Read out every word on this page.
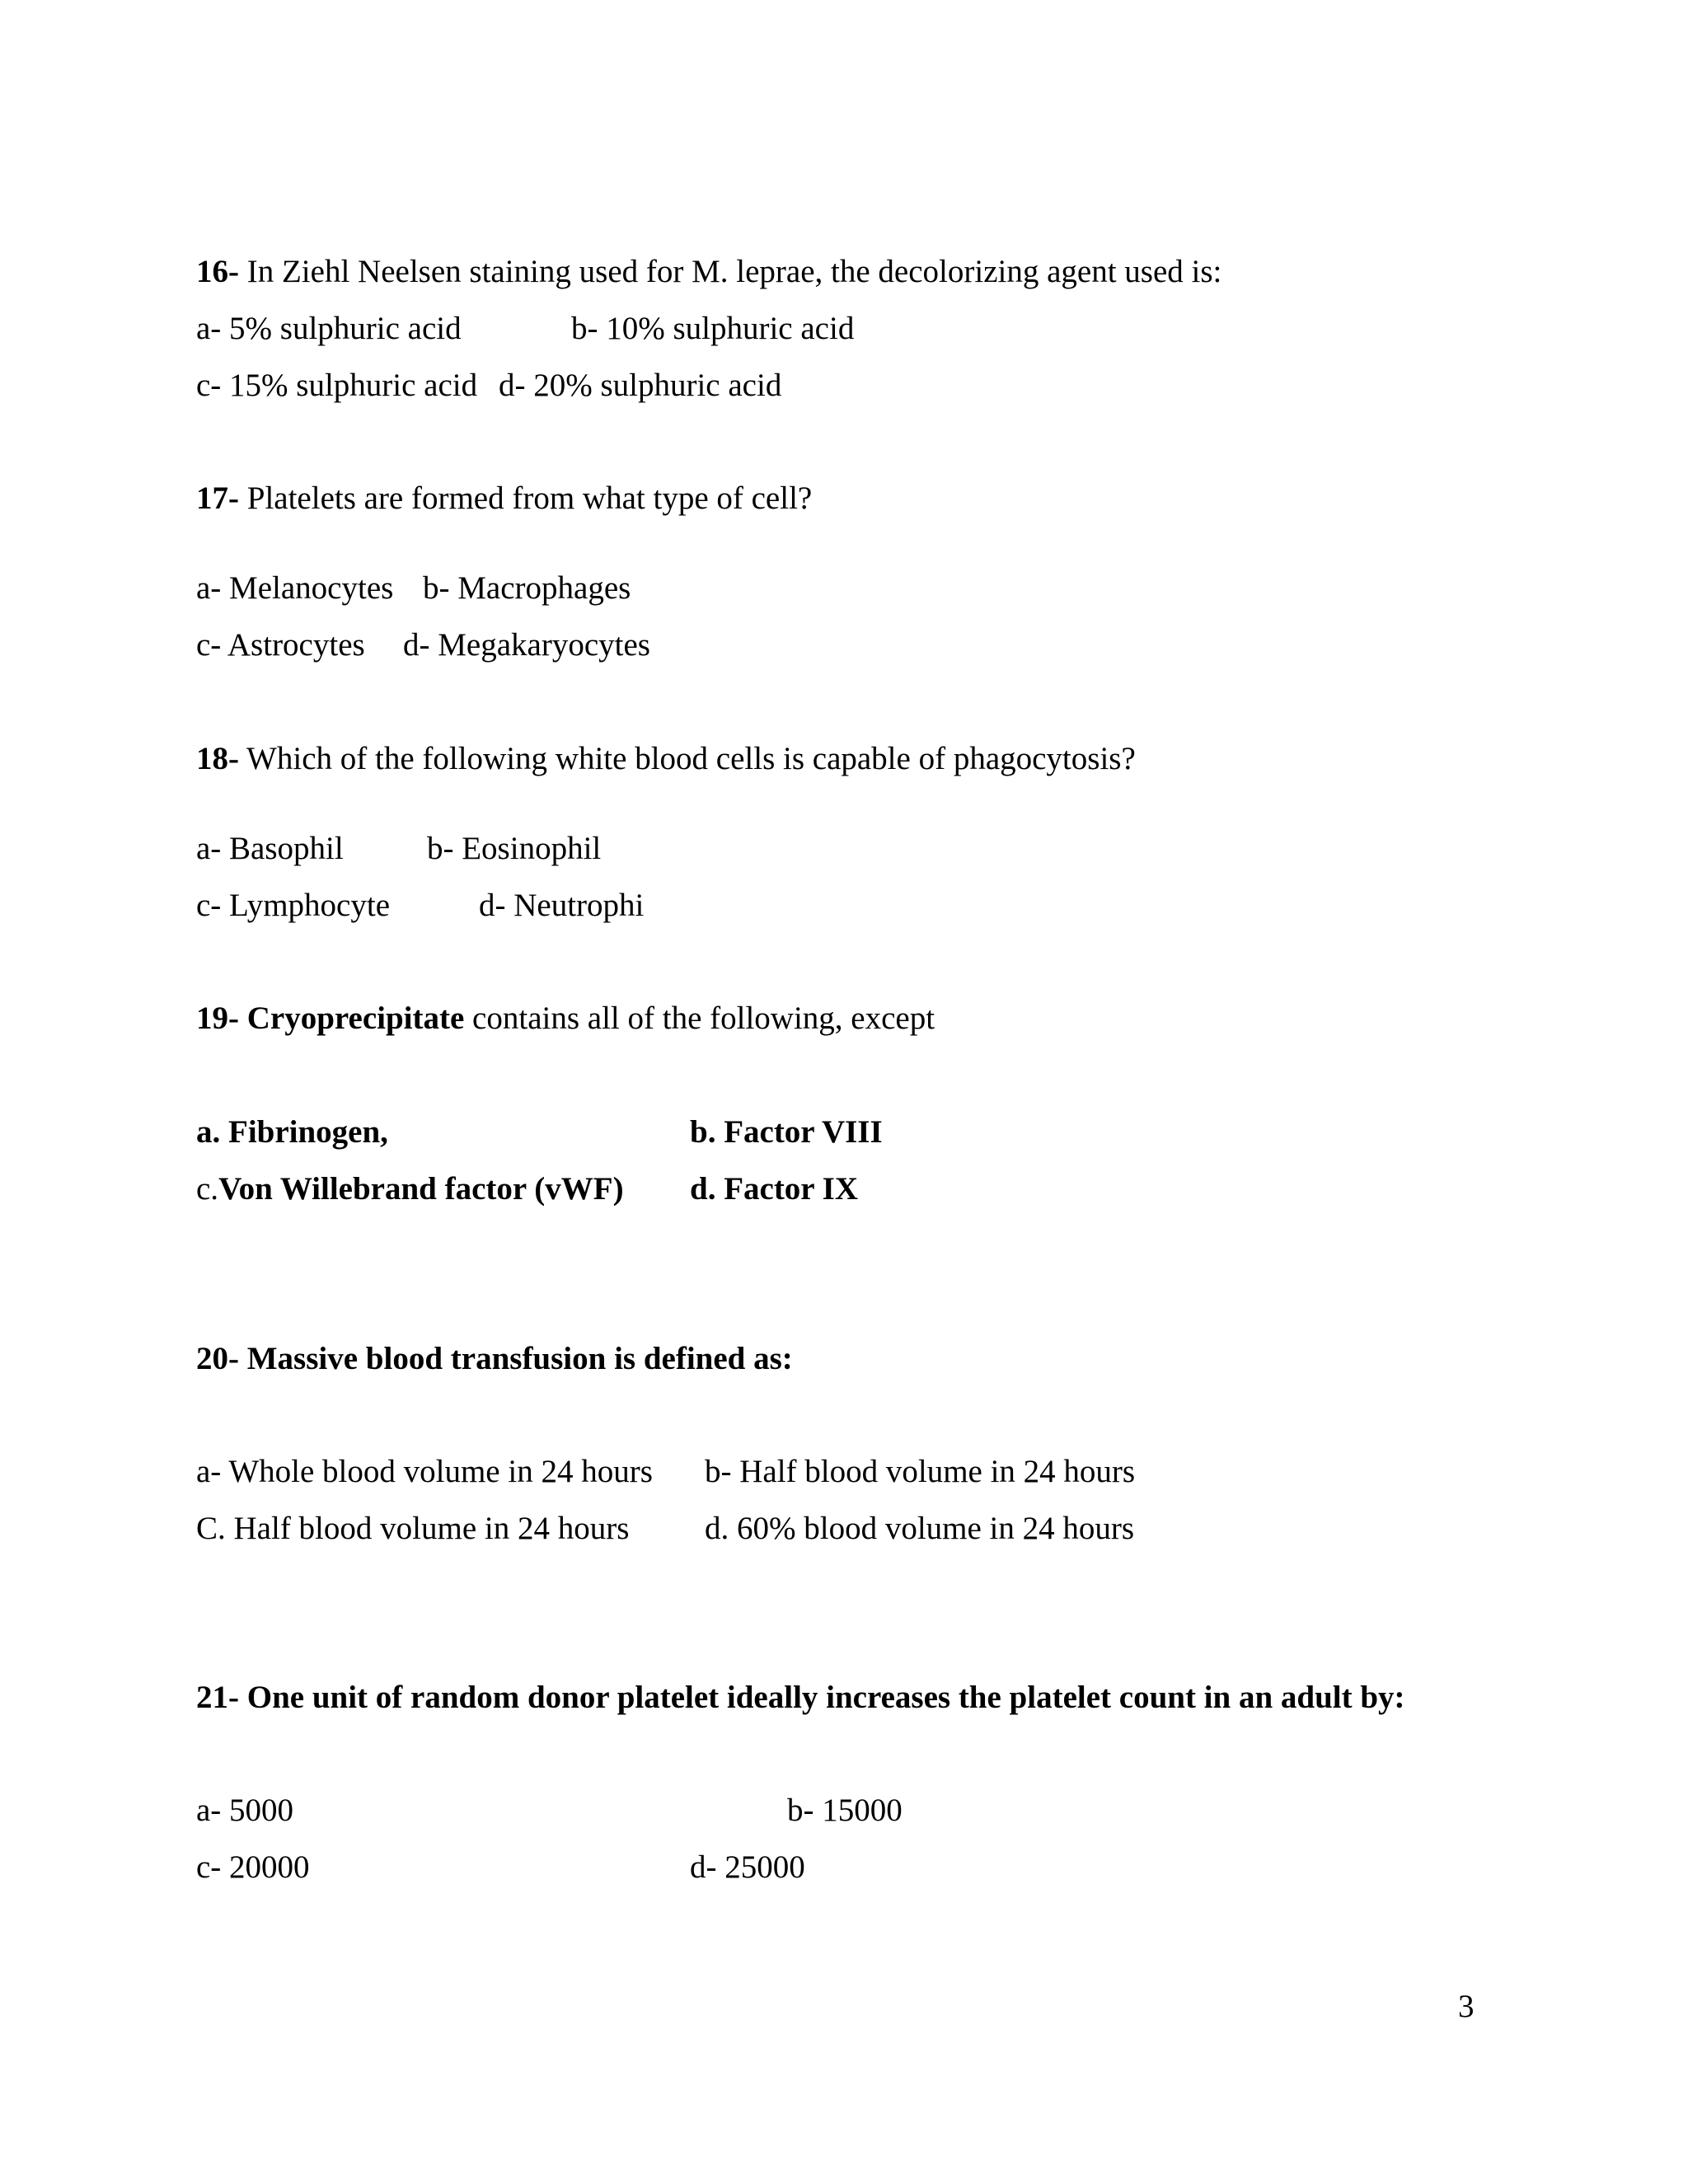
16- In Ziehl Neelsen staining used for M. leprae, the decolorizing agent used is:
a- 5% sulphuric acid	b- 10% sulphuric acid
c- 15% sulphuric acid d- 20% sulphuric acid
17- Platelets are formed from what type of cell?
a- Melanocytes b- Macrophages
c- Astrocytes d- Megakaryocytes
18- Which of the following white blood cells is capable of phagocytosis?
a- Basophil	b- Eosinophil
c- Lymphocyte	d- Neutrophi
19- Cryoprecipitate contains all of the following, except
a. Fibrinogen,	b. Factor VIII
c.Von Willebrand factor (vWF) d. Factor IX
20- Massive blood transfusion is defined as:
a- Whole blood volume in 24 hours b- Half blood volume in 24 hours
C. Half blood volume in 24 hours d. 60% blood volume in 24 hours
21- One unit of random donor platelet ideally increases the platelet count in an adult by:
a- 5000	b- 15000
c- 20000	d- 25000
3
